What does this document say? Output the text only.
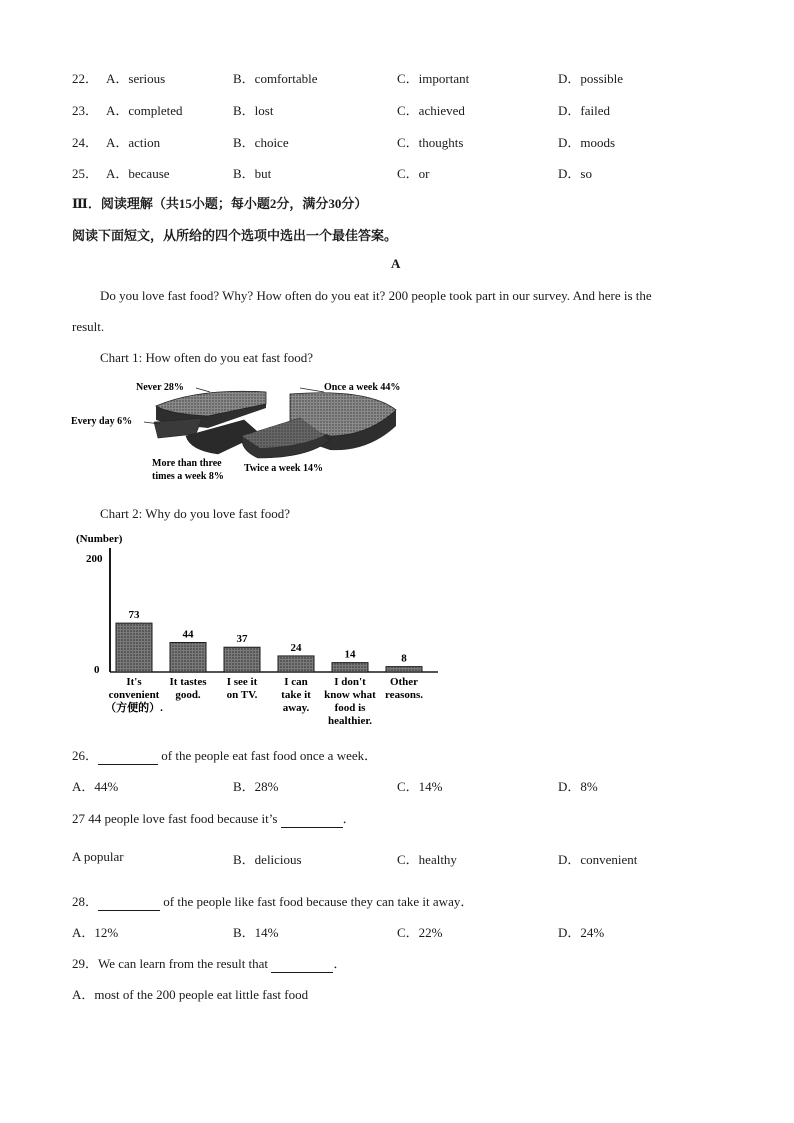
22． A．serious	B．comfortable	C．important	D．possible
23． A．completed	B．lost	C．achieved	D．failed
24． A．action	B．choice	C．thoughts	D．moods
25． A．because	B．but	C．or	D．so
Ⅲ．阅读理解（共15小题；每小题2分，满分30分）
阅读下面短文，从所给的四个选项中选出一个最佳答案。
A
Do you love fast food? Why? How often do you eat it? 200 people took part in our survey. And here is the
result.
Chart 1: How often do you eat fast food?
Never 28%	Once a week 44%
Every day 6%
More than three
times a week 8%
Twice a week 14%
Chart 2: Why do you love fast food?
(Number)
200
0
73
It's
convenient
（方便的）.
44
It tastes
good.
37
I see it
on TV.
24
I can
take it
away.
14
I don't
know what
food is
healthier.
8
Other
reasons.
26．	of the people eat fast food once a week．
A．44%	B．28%	C．14%	D．8%
27 44 people love fast food because it’s	．
A popular	B．delicious	C．healthy	D．convenient
28．	of the people like fast food because they can take it away．
A．12%	B．14%	C．22%	D．24%
29．We can learn from the result that	．
A．most of the 200 people eat little fast food
